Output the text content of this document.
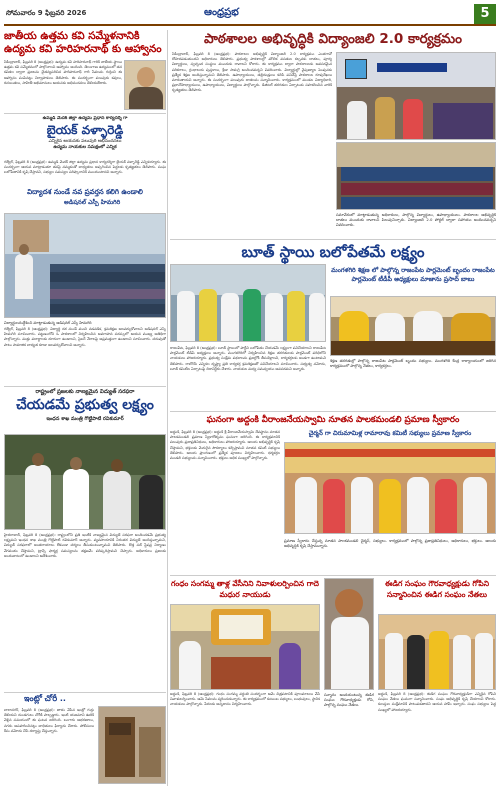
సోమవారం 9 ఫిబ్రవరి 2026	ఆంధ్రప్రభ	5
జాతీయ ఉత్తమ కవి సమ్మేళనానికి ఉద్యమ కవి హరిహరనాథ్ కు ఆహ్వానం
సికింద్రాబాద్, ఫిబ్రవరి 8 (ఆంధ్రప్రభ): ఉద్యమ కవి హరిహరనాథ్ గారికి జాతీయ స్థాయి ఉత్తమ కవి సమ్మేళనంలో పాల్గొనాలని ఆహ్వానం అందింది. తెలంగాణ ఉద్యమంలో తన కవితల ద్వారా ప్రజలను చైతన్యపరిచిన హరిహరనాథ్ గారి సేవలను గుర్తించి ఈ ఆహ్వానం పంపినట్లు నిర్వాహకులు తెలిపారు. ఈ సందర్భంగా పలువురు కవులు, రచయితలు, సాహితీ అభిమానులు ఆయనకు అభినందనలు తెలియజేశారు.
ఉమ్మడి మెదక్ జిల్లా ఉద్యమ ప్రధాన కార్యదర్శి గా
బైయక్ వళ్ళారెడ్డి
ఎన్నికైన ఆయనకు పలువురి అభినందనలు
ఉద్యమ నాయకుల సమక్షంలో ఎన్నిక
గజ్వేల్, ఫిబ్రవరి 8 (ఆంధ్రప్రభ): ఉమ్మడి మెదక్ జిల్లా ఉద్యమ ప్రధాన కార్యదర్శిగా బైయక్ వళ్ళారెడ్డి ఎన్నికయ్యారు. ఈ సందర్భంగా ఆయన మాట్లాడుతూ తనపై నమ్మకంతో బాధ్యతలు అప్పగించిన పెద్దలకు కృతజ్ఞతలు తెలిపారు. సంఘ బలోపేతానికి కృషి చేస్తానని, సభ్యుల సమస్యల పరిష్కారానికి ముందుంటానని అన్నారు.
విద్యాదశ నుండే నవ ప్రవర్తన కలిగి ఉండాలి
అడిషనల్ ఎస్పీ హిమగిరి
విద్యార్థులనుద్దేశించి మాట్లాడుతున్న అడిషనల్ ఎస్పీ హిమగిరి
గజ్వేల్, ఫిబ్రవరి 8 (ఆంధ్రప్రభ): విద్యార్థి దశ నుండే మంచి నడవడిక, క్రమశిక్షణ అలవర్చుకోవాలని అడిషనల్ ఎస్పీ హిమగిరి సూచించారు. పట్టణంలోని ఓ పాఠశాలలో నిర్వహించిన అవగాహన సదస్సులో ఆయన ముఖ్య అతిథిగా పాల్గొన్నారు. మత్తు పదార్థాలకు దూరంగా ఉండాలని, సైబర్ నేరాలపై అప్రమత్తంగా ఉండాలని సూచించారు. చదువుతో పాటు సామాజిక బాధ్యత కూడా అలవర్చుకోవాలని అన్నారు.
రాష్ట్రంలో ప్రజలకు నాణ్యమైన విద్యుత్ సరఫరా
చేయడమే ప్రభుత్వ లక్ష్యం
ఇంధన శాఖ మంత్రి గొట్టిపాటి రవికుమార్
హైదరాబాద్, ఫిబ్రవరి 8 (ఆంధ్రప్రభ): రాష్ట్రంలోని ప్రతి ఇంటికి నాణ్యమైన విద్యుత్ సరఫరా అందించడమే ప్రభుత్వ లక్ష్యమని ఇంధన శాఖ మంత్రి గొట్టిపాటి రవికుమార్ అన్నారు. వ్యవసాయానికి నిరంతర విద్యుత్ అందిస్తున్నామని, విద్యుత్ సరఫరాలో అంతరాయాలు లేకుండా చర్యలు తీసుకుంటున్నామని తెలిపారు. కొత్త సబ్ స్టేషన్ల నిర్మాణం వేగవంతం చేస్తామని, ట్రాన్స్ ఫార్మర్ల సమస్యలను తక్షణమే పరిష్కరిస్తామని చెప్పారు. అధికారులు ప్రజలకు అందుబాటులో ఉండాలని ఆదేశించారు.
ఇంట్లో చోరీ ..
బాలానగర్, ఫిబ్రవరి 8 (ఆంధ్రప్రభ): తాళం వేసిన ఇంట్లో గుర్తు తెలియని దుండగులు చోరీకి పాల్పడ్డారు. ఇంటి యజమాని ఊరికి వెళ్లిన సమయంలో ఈ ఘటన జరిగింది. బంగారు ఆభరణాలు, నగదు అపహరించినట్లు బాధితులు ఫిర్యాదు చేశారు. పోలీసులు కేసు నమోదు చేసి దర్యాప్తు చేస్తున్నారు.
పాఠశాలల అభివృద్ధికి విద్యాంజలి 2.0 కార్యక్రమం
సికింద్రాబాద్, ఫిబ్రవరి 8 (ఆంధ్రప్రభ): పాఠశాలల అభివృద్ధికి విద్యాంజలి 2.0 కార్యక్రమం ఎంతగానో దోహదపడుతుందని అధికారులు తెలిపారు. ప్రభుత్వ పాఠశాలల్లో మౌలిక వసతుల కల్పనకు దాతలు, పూర్వ విద్యార్థులు, స్వచ్ఛంద సంస్థలు ముందుకు రావాలని కోరారు. ఈ కార్యక్రమం ద్వారా పాఠశాలలకు అవసరమైన పరికరాలు, గ్రంథాలయ పుస్తకాలు, క్రీడా సామగ్రి అందించవచ్చని వివరించారు. విద్యార్థుల్లో నైపుణ్యాల పెంపునకు ప్రత్యేక శిక్షణ అందిస్తున్నామని తెలిపారు. ఉపాధ్యాయులు, తల్లిదండ్రులు కలిసి పనిచేస్తే పాఠశాలల రూపురేఖలు మారుతాయని అన్నారు. ఈ సందర్భంగా పలువురు దాతలను సన్మానించారు. కార్యక్రమంలో మండల విద్యాధికారి, ప్రధానోపాధ్యాయులు, ఉపాధ్యాయులు, విద్యార్థులు పాల్గొన్నారు. డిజిటల్ తరగతుల ఏర్పాటుకు సహకరించిన వారికి కృతజ్ఞతలు తెలిపారు.
సమావేశంలో మాట్లాడుతున్న అధికారులు, పాల్గొన్న విద్యార్థులు, ఉపాధ్యాయులు. పాఠశాలల అభివృద్ధికి దాతలు ముందుకు రావాలని పిలుపునిచ్చారు. విద్యాంజలి 2.0 పోర్టల్ ద్వారా సహాయం అందించవచ్చని వివరించారు.
బూత్ స్థాయి బలోపేతమే లక్ష్యం
మంగళగిరి శిక్షణ లో పాల్గొన్న రాజంపేట పార్లమెంట్ బృందం రాజంపేట పార్లమెంట్ టీడీపీ అధ్యక్షులు మాజాను ప్రసాద్ బాబు
రాజంపేట, ఫిబ్రవరి 8 (ఆంధ్రప్రభ): బూత్ స్థాయిలో పార్టీని బలోపేతం చేయడమే లక్ష్యంగా పనిచేయాలని రాజంపేట పార్లమెంట్ టీడీపీ అధ్యక్షులు అన్నారు. మంగళగిరిలో నిర్వహించిన శిక్షణ తరగతులకు పార్లమెంట్ పరిధిలోని నాయకులు హాజరయ్యారు. ప్రభుత్వ సంక్షేమ పథకాలను ప్రజల్లోకి తీసుకెళ్లాలని, కార్యకర్తలకు అండగా ఉంటామని తెలిపారు. రాబోయే ఎన్నికల దృష్ట్యా ప్రతి కార్యకర్త క్రమశిక్షణతో పనిచేయాలని సూచించారు. సభ్యత్వ నమోదు, బూత్ కమిటీల ఏర్పాటుపై దిశానిర్దేశం చేశారు. నాయకుల మధ్య సమన్వయం అవసరమని అన్నారు.
శిక్షణ తరగతుల్లో పాల్గొన్న రాజంపేట పార్లమెంట్ బృందం సభ్యులు. మంగళగిరి కేంద్ర కార్యాలయంలో జరిగిన కార్యక్రమంలో పాల్గొన్న నేతలు, కార్యకర్తలు.
ఘనంగా అద్దంకి వీరాంజనేయస్వామి నూతన పాలకమండలి ప్రమాణ స్వీకారం
అద్దంకి, ఫిబ్రవరి 8 (ఆంధ్రప్రభ): అద్దంకి శ్రీ వీరాంజనేయస్వామి దేవస్థానం నూతన పాలకమండలి ప్రమాణ స్వీకారోత్సవం ఘనంగా జరిగింది. ఈ కార్యక్రమానికి పలువురు ప్రజాప్రతినిధులు, అధికారులు హాజరయ్యారు. ఆలయ అభివృద్ధికి కృషి చేస్తామని, భక్తులకు మెరుగైన సౌకర్యాలు కల్పిస్తామని నూతన కమిటీ సభ్యులు తెలిపారు. ఆలయ ప్రాంగణంలో ప్రత్యేక పూజలు నిర్వహించారు. ధర్మకర్తల మండలి సభ్యులను సన్మానించారు. భక్తులు అధిక సంఖ్యలో పాల్గొన్నారు.
చైర్మన్ గా చిరుమామిళ్ల రామారావు కమిటీ సభ్యులు ప్రమాణ స్వీకారం
ప్రమాణ స్వీకారం చేస్తున్న నూతన పాలకమండలి చైర్మన్, సభ్యులు. కార్యక్రమంలో పాల్గొన్న ప్రజాప్రతినిధులు, అధికారులు, భక్తులు. ఆలయ అభివృద్ధికి కృషి చేస్తామన్నారు.
గంధం సంగమ్మ తాళ్ల వేసీనిని నివాళులర్పించిన గాదె మధుర నాయుడు
అద్దంకి, ఫిబ్రవరి 8 (ఆంధ్రప్రభ): గంధం సంగమ్మ వర్ధంతి సందర్భంగా ఆమె చిత్రపటానికి పూలమాలలు వేసి నివాళులర్పించారు. ఆమె సేవలను స్మరించుకున్నారు. ఈ కార్యక్రమంలో కుటుంబ సభ్యులు, బంధువులు, స్థానిక నాయకులు పాల్గొన్నారు. పేదలకు అన్నదానం నిర్వహించారు.
సన్మానం అందుకుంటున్న ఈడిగ సంఘం గౌరవాధ్యక్షుడు గోపి, పాల్గొన్న సంఘం నేతలు.
ఈడిగ సంఘం గౌరవాధ్యక్షుడు గోపిని సన్మానించిన ఈడిగ సంఘం నేతలు
అద్దంకి, ఫిబ్రవరి 8 (ఆంధ్రప్రభ): ఈడిగ సంఘం గౌరవాధ్యక్షుడిగా ఎన్నికైన గోపిని సంఘం నేతలు ఘనంగా సన్మానించారు. సంఘ అభివృద్ధికి కృషి చేయాలని కోరారు. కులస్తుల సంక్షేమానికి పాటుపడతానని ఆయన హామీ ఇచ్చారు. సంఘ సభ్యులు పెద్ద సంఖ్యలో హాజరయ్యారు.
